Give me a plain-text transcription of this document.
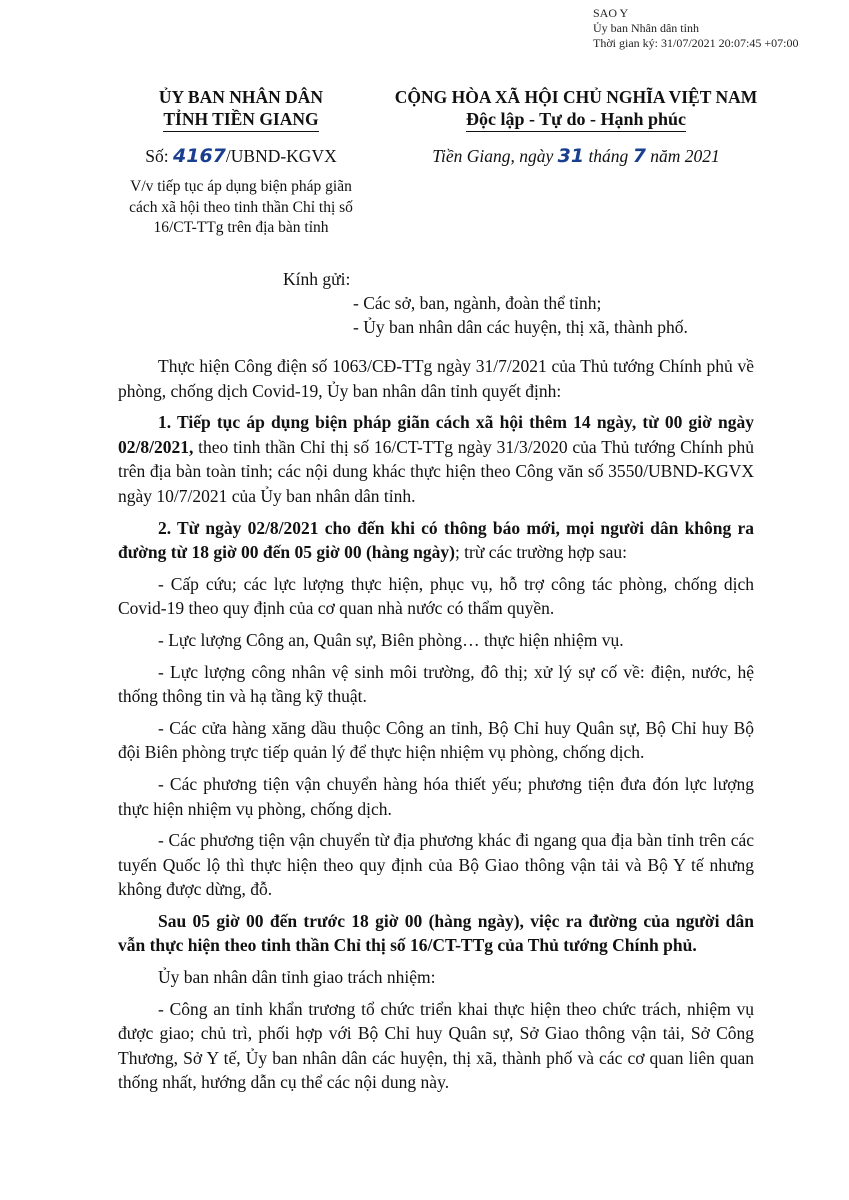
SAO Y
Ủy ban Nhân dân tỉnh
Thời gian ký: 31/07/2021 20:07:45 +07:00
ỦY BAN NHÂN DÂN
TỈNH TIỀN GIANG
Số: 4167/UBND-KGVX
V/v tiếp tục áp dụng biện pháp giãn cách xã hội theo tinh thần Chỉ thị số 16/CT-TTg trên địa bàn tỉnh
CỘNG HÒA XÃ HỘI CHỦ NGHĨA VIỆT NAM
Độc lập - Tự do - Hạnh phúc
Tiền Giang, ngày 31 tháng 7 năm 2021
Kính gửi:
- Các sở, ban, ngành, đoàn thể tỉnh;
- Ủy ban nhân dân các huyện, thị xã, thành phố.

Thực hiện Công điện số 1063/CĐ-TTg ngày 31/7/2021 của Thủ tướng Chính phủ về phòng, chống dịch Covid-19, Ủy ban nhân dân tỉnh quyết định:

1. Tiếp tục áp dụng biện pháp giãn cách xã hội thêm 14 ngày, từ 00 giờ ngày 02/8/2021, theo tinh thần Chỉ thị số 16/CT-TTg ngày 31/3/2020 của Thủ tướng Chính phủ trên địa bàn toàn tỉnh; các nội dung khác thực hiện theo Công văn số 3550/UBND-KGVX ngày 10/7/2021 của Ủy ban nhân dân tỉnh.

2. Từ ngày 02/8/2021 cho đến khi có thông báo mới, mọi người dân không ra đường từ 18 giờ 00 đến 05 giờ 00 (hàng ngày); trừ các trường hợp sau:

- Cấp cứu; các lực lượng thực hiện, phục vụ, hỗ trợ công tác phòng, chống dịch Covid-19 theo quy định của cơ quan nhà nước có thẩm quyền.

- Lực lượng Công an, Quân sự, Biên phòng… thực hiện nhiệm vụ.

- Lực lượng công nhân vệ sinh môi trường, đô thị; xử lý sự cố về: điện, nước, hệ thống thông tin và hạ tầng kỹ thuật.

- Các cửa hàng xăng dầu thuộc Công an tỉnh, Bộ Chỉ huy Quân sự, Bộ Chỉ huy Bộ đội Biên phòng trực tiếp quản lý để thực hiện nhiệm vụ phòng, chống dịch.

- Các phương tiện vận chuyển hàng hóa thiết yếu; phương tiện đưa đón lực lượng thực hiện nhiệm vụ phòng, chống dịch.

- Các phương tiện vận chuyển từ địa phương khác đi ngang qua địa bàn tỉnh trên các tuyến Quốc lộ thì thực hiện theo quy định của Bộ Giao thông vận tải và Bộ Y tế nhưng không được dừng, đỗ.

Sau 05 giờ 00 đến trước 18 giờ 00 (hàng ngày), việc ra đường của người dân vẫn thực hiện theo tinh thần Chỉ thị số 16/CT-TTg của Thủ tướng Chính phủ.

Ủy ban nhân dân tỉnh giao trách nhiệm:

- Công an tỉnh khẩn trương tổ chức triển khai thực hiện theo chức trách, nhiệm vụ được giao; chủ trì, phối hợp với Bộ Chỉ huy Quân sự, Sở Giao thông vận tải, Sở Công Thương, Sở Y tế, Ủy ban nhân dân các huyện, thị xã, thành phố và các cơ quan liên quan thống nhất, hướng dẫn cụ thể các nội dung này.
